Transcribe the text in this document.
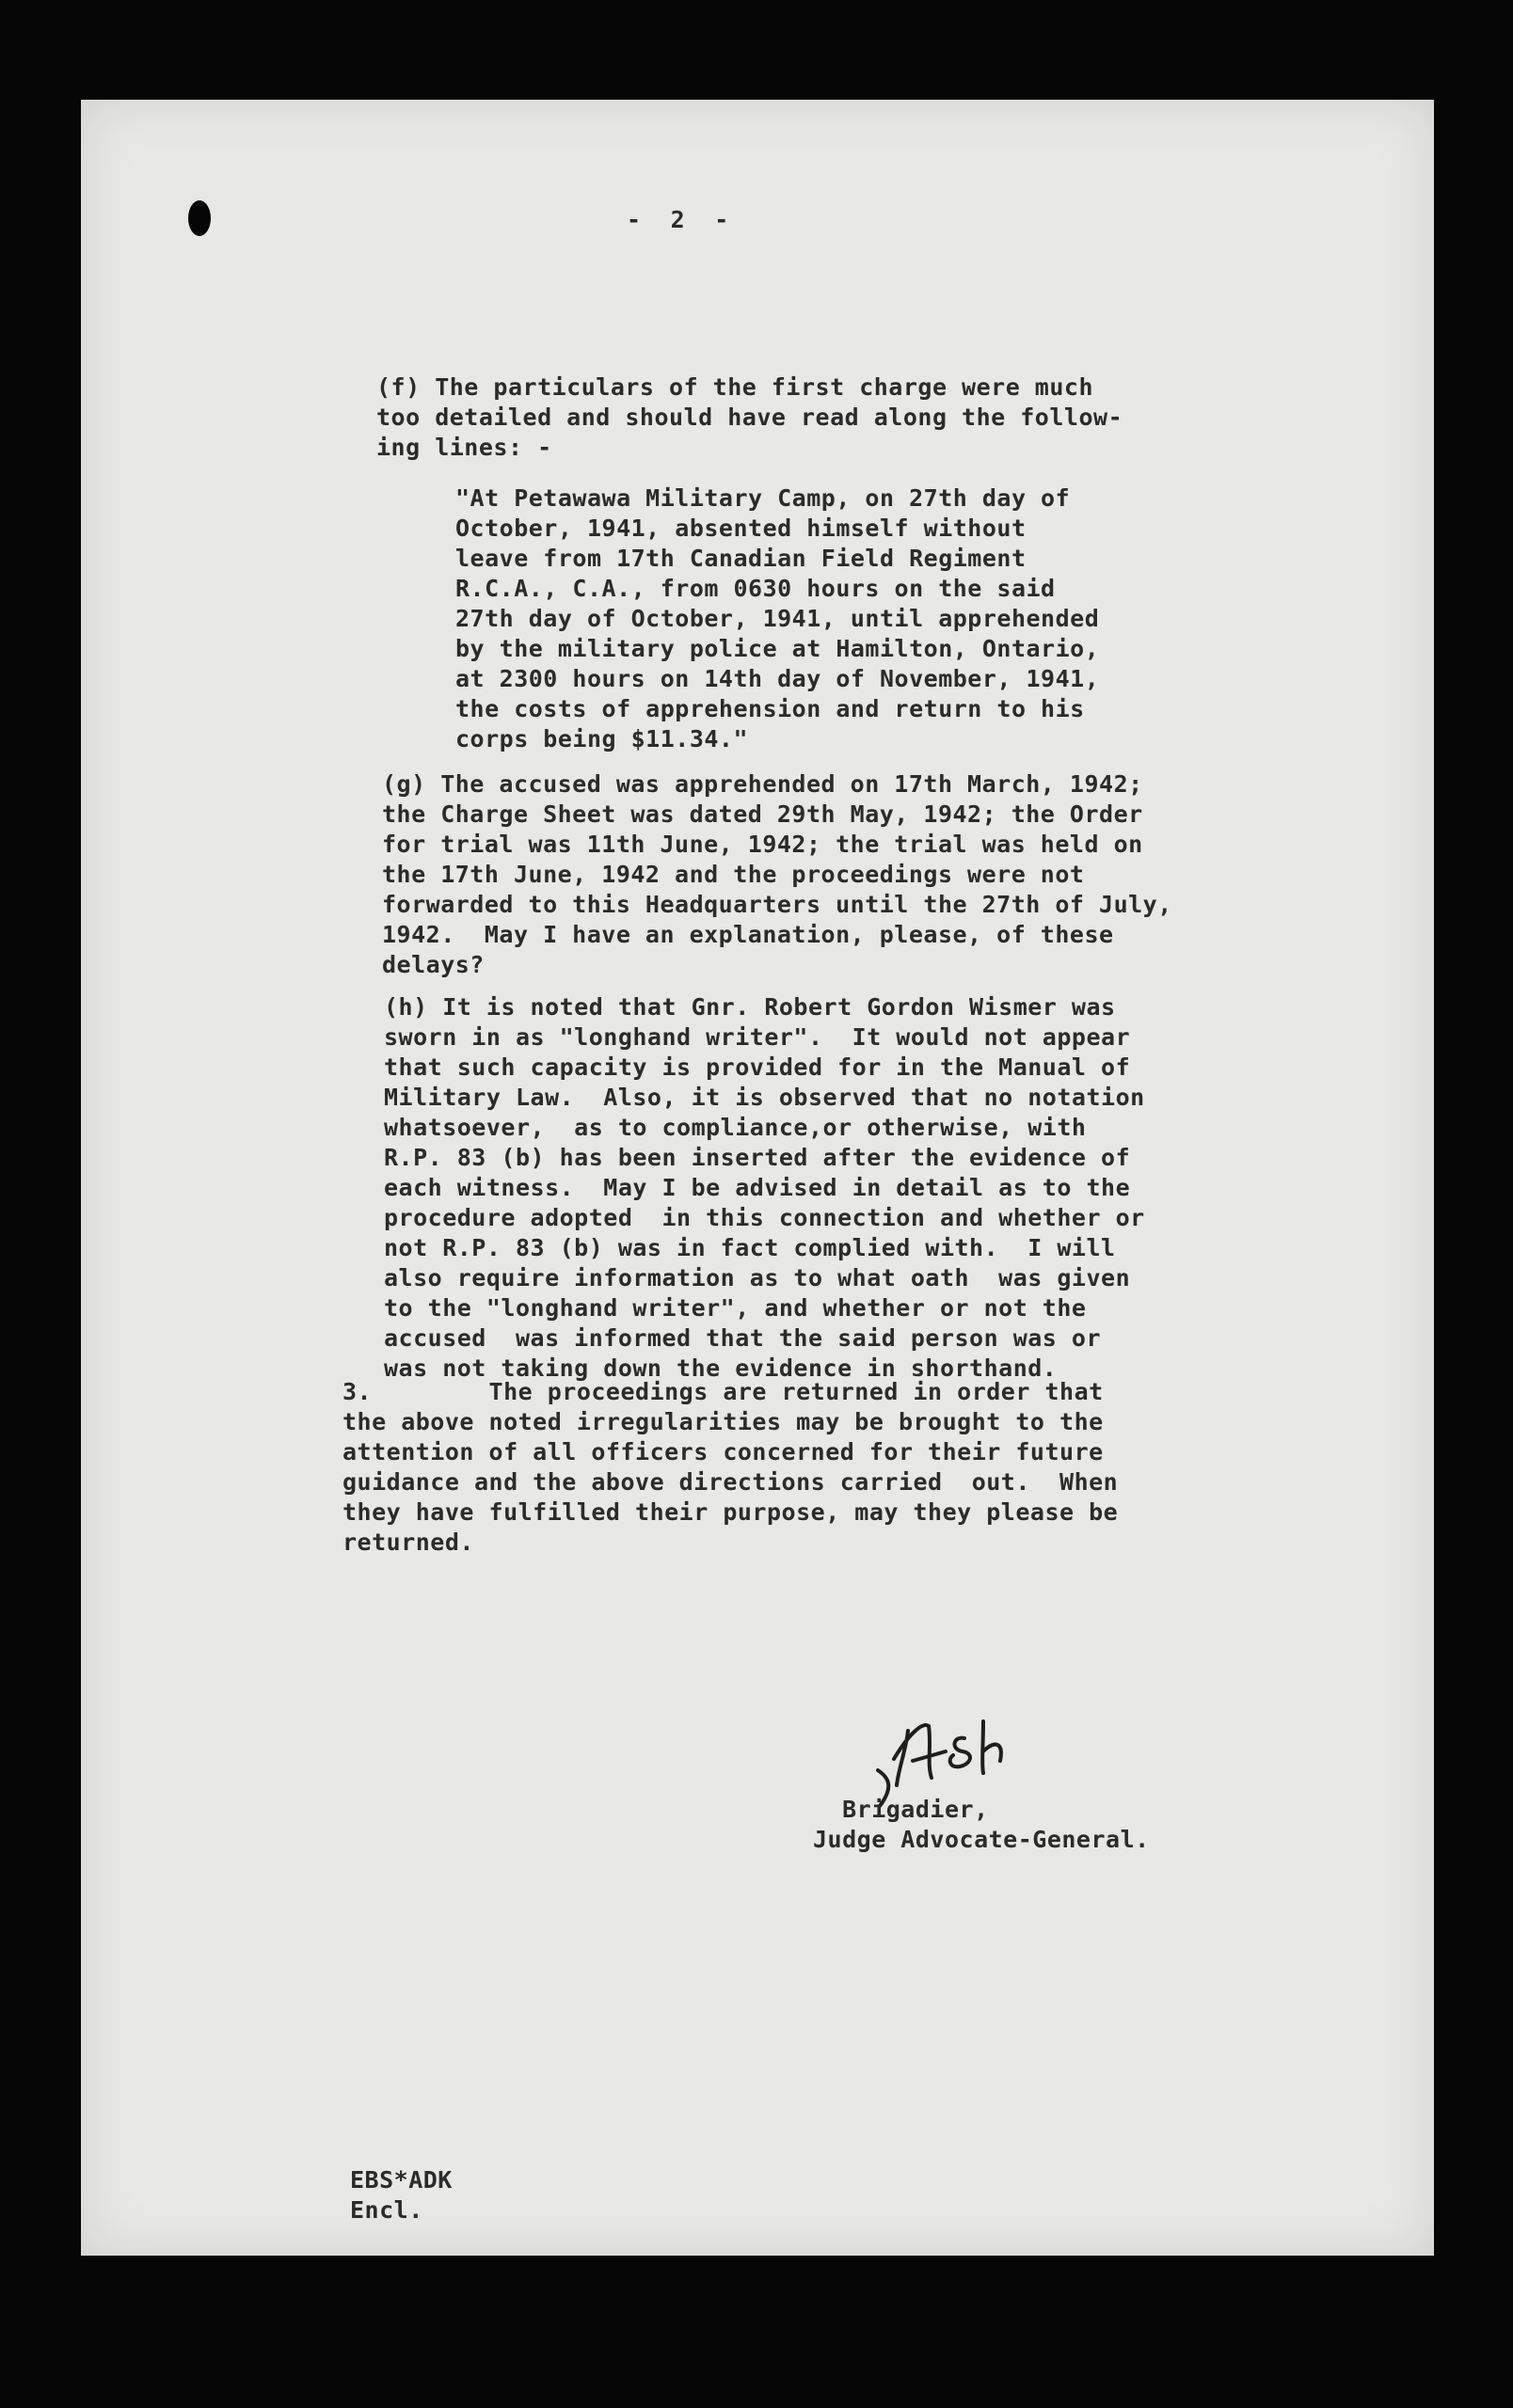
-  2  -
(f) The particulars of the first charge were much
too detailed and should have read along the follow-
ing lines: -
"At Petawawa Military Camp, on 27th day of
October, 1941, absented himself without
leave from 17th Canadian Field Regiment
R.C.A., C.A., from 0630 hours on the said
27th day of October, 1941, until apprehended
by the military police at Hamilton, Ontario,
at 2300 hours on 14th day of November, 1941,
the costs of apprehension and return to his
corps being $11.34."
(g) The accused was apprehended on 17th March, 1942;
the Charge Sheet was dated 29th May, 1942; the Order
for trial was 11th June, 1942; the trial was held on
the 17th June, 1942 and the proceedings were not
forwarded to this Headquarters until the 27th of July,
1942.  May I have an explanation, please, of these
delays?
(h) It is noted that Gnr. Robert Gordon Wismer was
sworn in as "longhand writer".  It would not appear
that such capacity is provided for in the Manual of
Military Law.  Also, it is observed that no notation
whatsoever,  as to compliance,or otherwise, with
R.P. 83 (b) has been inserted after the evidence of
each witness.  May I be advised in detail as to the
procedure adopted  in this connection and whether or
not R.P. 83 (b) was in fact complied with.  I will
also require information as to what oath  was given
to the "longhand writer", and whether or not the
accused  was informed that the said person was or
was not taking down the evidence in shorthand.
3.        The proceedings are returned in order that
the above noted irregularities may be brought to the
attention of all officers concerned for their future
guidance and the above directions carried  out.  When
they have fulfilled their purpose, may they please be
returned.
Brigadier,
Judge Advocate-General.
EBS*ADK
Encl.
